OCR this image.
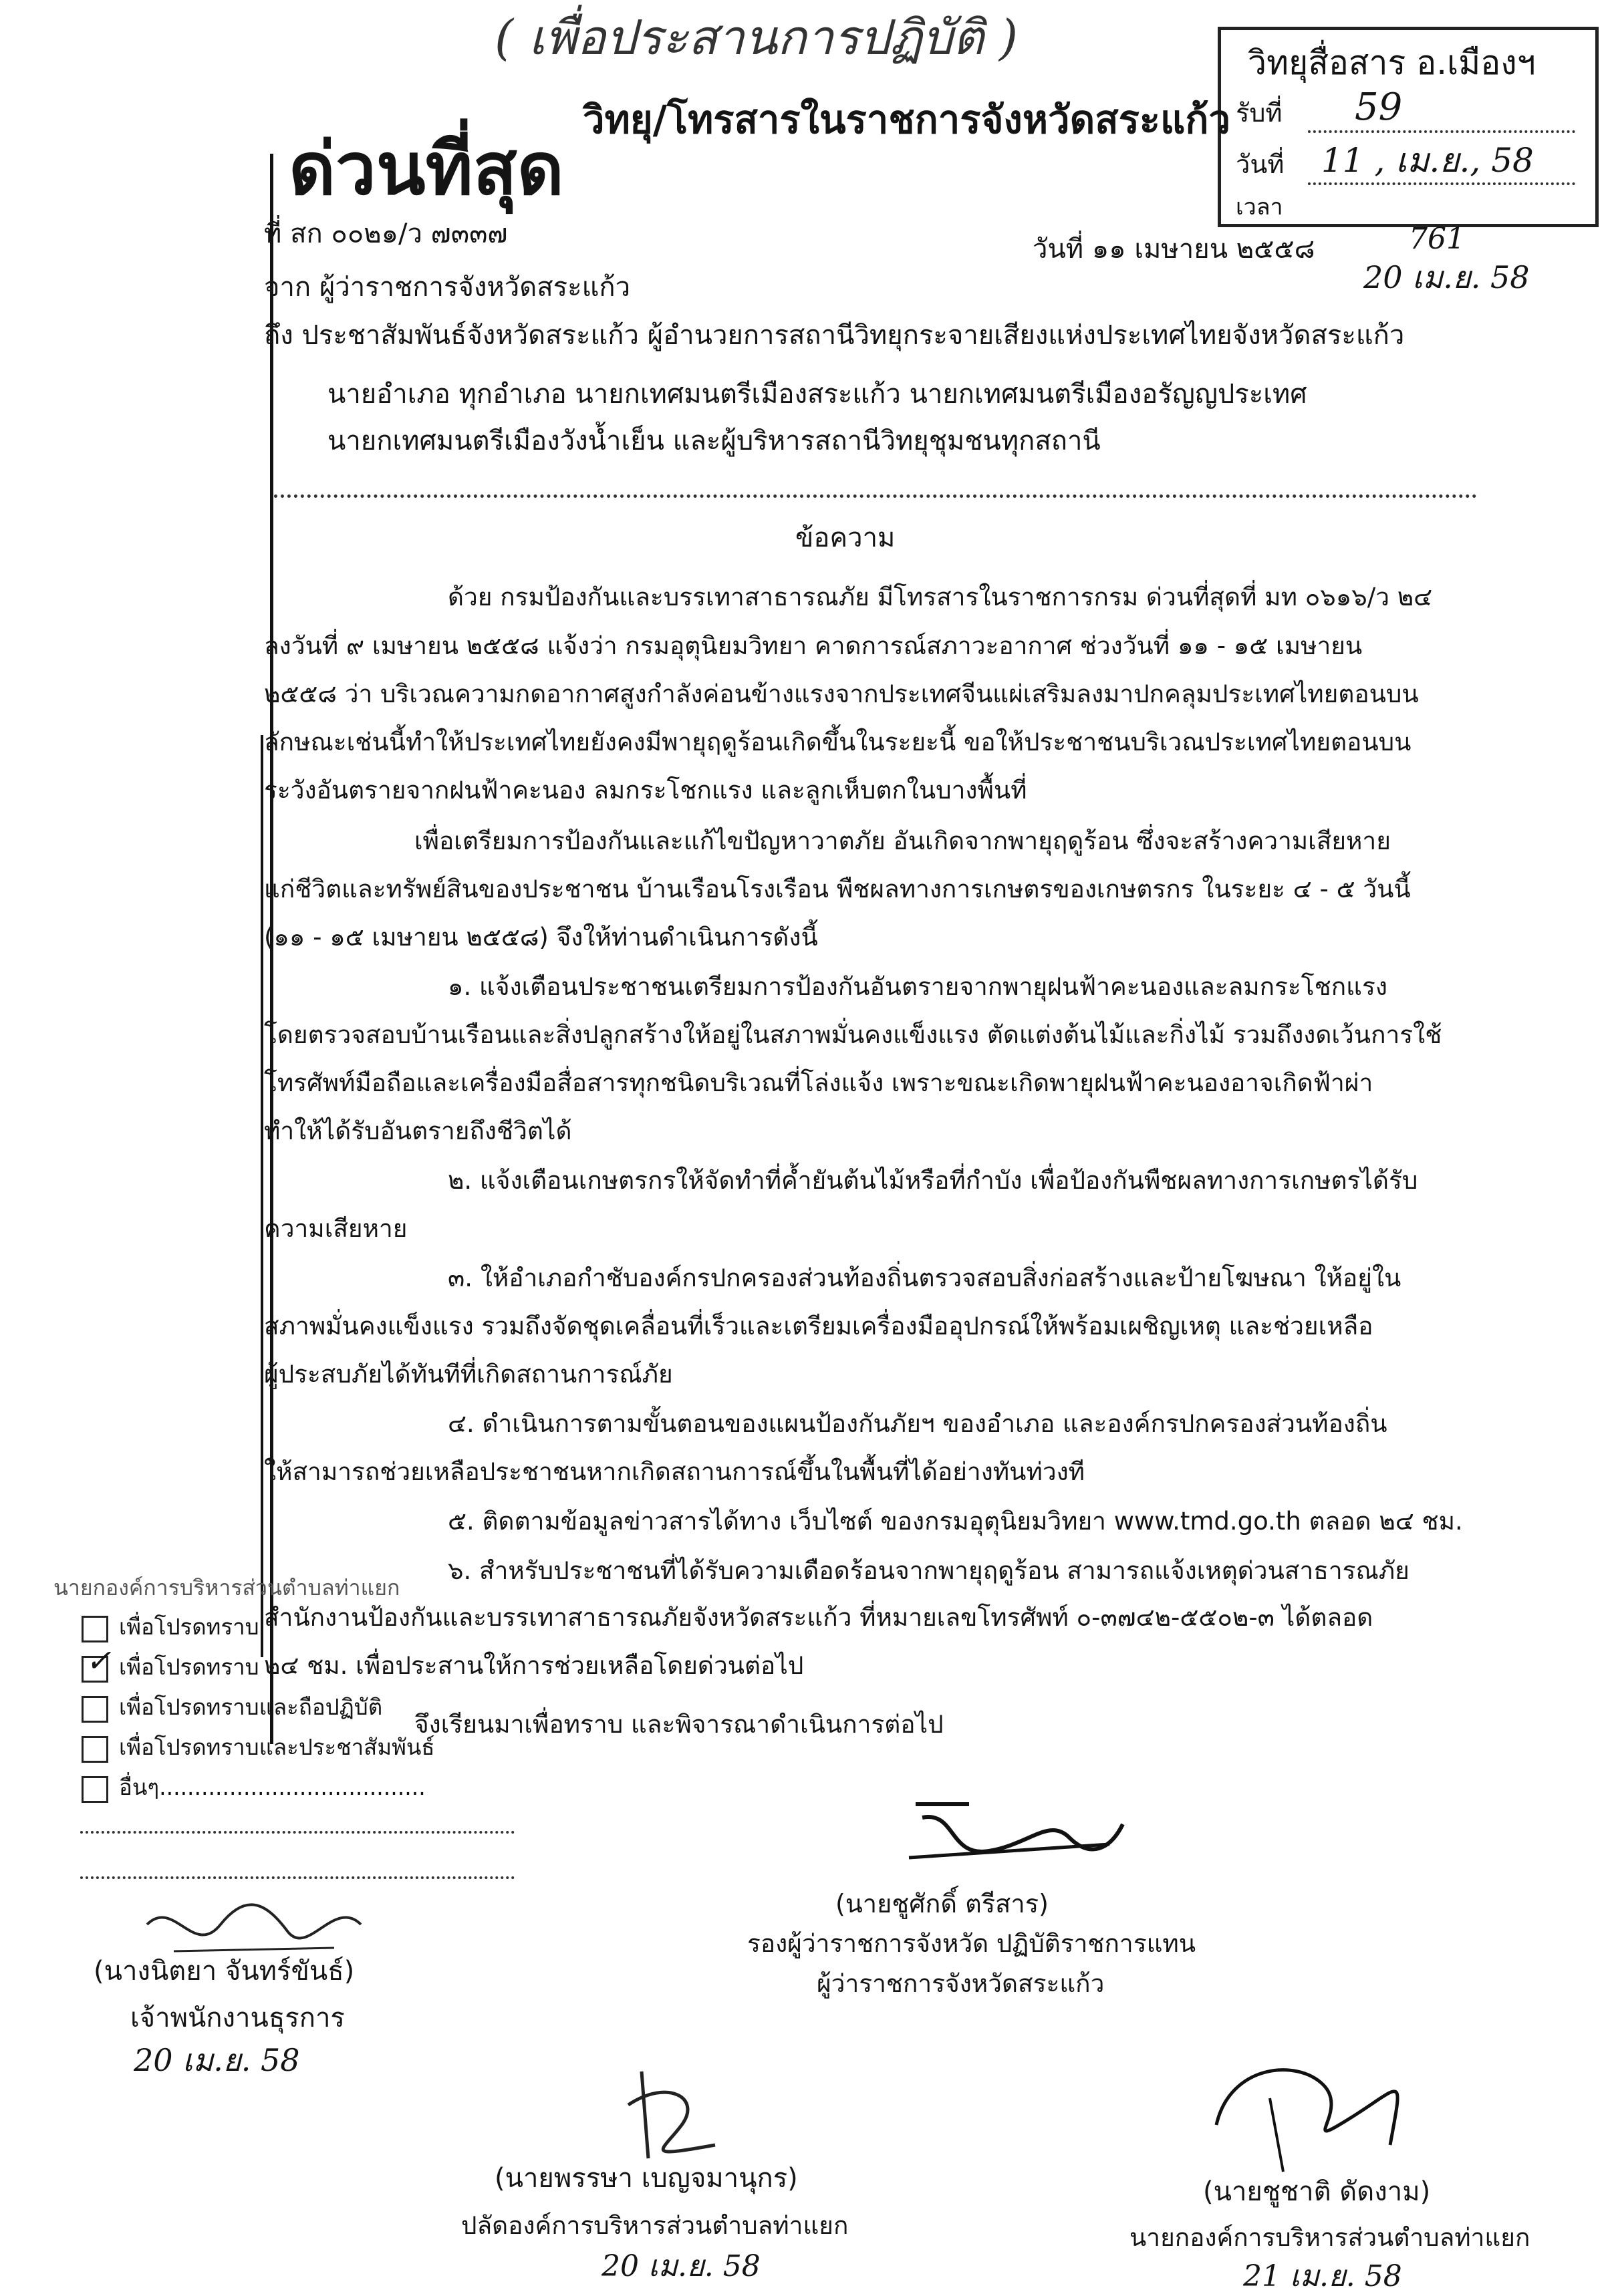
( เพื่อประสานการปฏิบัติ )	วิทยุสื่อสาร อ.เมืองฯ
รับที่ 59
วันที่ 11 , เม.ย., 58
เวลา
วิทยุ/โทรสารในราชการจังหวัดสระแก้ว
ด่วนที่สุด
ที่ สก ๐๐๒๑/ว ๗๓๓๗	วันที่ ๑๑ เมษายน ๒๕๕๘	761
20 เม.ย. 58
จาก ผู้ว่าราชการจังหวัดสระแก้ว
ถึง ประชาสัมพันธ์จังหวัดสระแก้ว ผู้อำนวยการสถานีวิทยุกระจายเสียงแห่งประเทศไทยจังหวัดสระแก้ว
นายอำเภอ ทุกอำเภอ นายกเทศมนตรีเมืองสระแก้ว นายกเทศมนตรีเมืองอรัญญประเทศ
นายกเทศมนตรีเมืองวังน้ำเย็น และผู้บริหารสถานีวิทยุชุมชนทุกสถานี
ข้อความ
ด้วย กรมป้องกันและบรรเทาสาธารณภัย มีโทรสารในราชการกรม ด่วนที่สุดที่ มท ๐๖๑๖/ว ๒๔
ลงวันที่ ๙ เมษายน ๒๕๕๘ แจ้งว่า กรมอุตุนิยมวิทยา คาดการณ์สภาวะอากาศ ช่วงวันที่ ๑๑ - ๑๕ เมษายน
๒๕๕๘ ว่า บริเวณความกดอากาศสูงกำลังค่อนข้างแรงจากประเทศจีนแผ่เสริมลงมาปกคลุมประเทศไทยตอนบน
ลักษณะเช่นนี้ทำให้ประเทศไทยยังคงมีพายุฤดูร้อนเกิดขึ้นในระยะนี้ ขอให้ประชาชนบริเวณประเทศไทยตอนบน
ระวังอันตรายจากฝนฟ้าคะนอง ลมกระโชกแรง และลูกเห็บตกในบางพื้นที่
เพื่อเตรียมการป้องกันและแก้ไขปัญหาวาตภัย อันเกิดจากพายุฤดูร้อน ซึ่งจะสร้างความเสียหาย
แก่ชีวิตและทรัพย์สินของประชาชน บ้านเรือนโรงเรือน พืชผลทางการเกษตรของเกษตรกร ในระยะ ๔ - ๕ วันนี้
(๑๑ - ๑๕ เมษายน ๒๕๕๘) จึงให้ท่านดำเนินการดังนี้
๑. แจ้งเตือนประชาชนเตรียมการป้องกันอันตรายจากพายุฝนฟ้าคะนองและลมกระโชกแรง
โดยตรวจสอบบ้านเรือนและสิ่งปลูกสร้างให้อยู่ในสภาพมั่นคงแข็งแรง ตัดแต่งต้นไม้และกิ่งไม้ รวมถึงงดเว้นการใช้
โทรศัพท์มือถือและเครื่องมือสื่อสารทุกชนิดบริเวณที่โล่งแจ้ง เพราะขณะเกิดพายุฝนฟ้าคะนองอาจเกิดฟ้าผ่า
ทำให้ได้รับอันตรายถึงชีวิตได้
๒. แจ้งเตือนเกษตรกรให้จัดทำที่ค้ำยันต้นไม้หรือที่กำบัง เพื่อป้องกันพืชผลทางการเกษตรได้รับ
ความเสียหาย
๓. ให้อำเภอกำชับองค์กรปกครองส่วนท้องถิ่นตรวจสอบสิ่งก่อสร้างและป้ายโฆษณา ให้อยู่ใน
สภาพมั่นคงแข็งแรง รวมถึงจัดชุดเคลื่อนที่เร็วและเตรียมเครื่องมืออุปกรณ์ให้พร้อมเผชิญเหตุ และช่วยเหลือ
ผู้ประสบภัยได้ทันทีที่เกิดสถานการณ์ภัย
๔. ดำเนินการตามขั้นตอนของแผนป้องกันภัยฯ ของอำเภอ และองค์กรปกครองส่วนท้องถิ่น
ให้สามารถช่วยเหลือประชาชนหากเกิดสถานการณ์ขึ้นในพื้นที่ได้อย่างทันท่วงที
๕. ติดตามข้อมูลข่าวสารได้ทาง เว็บไซต์ ของกรมอุตุนิยมวิทยา www.tmd.go.th ตลอด ๒๔ ชม.
๖. สำหรับประชาชนที่ได้รับความเดือดร้อนจากพายุฤดูร้อน สามารถแจ้งเหตุด่วนสาธารณภัย
สำนักงานป้องกันและบรรเทาสาธารณภัยจังหวัดสระแก้ว ที่หมายเลขโทรศัพท์ ๐-๓๗๔๒-๕๕๐๒-๓ ได้ตลอด
๒๔ ชม. เพื่อประสานให้การช่วยเหลือโดยด่วนต่อไป
จึงเรียนมาเพื่อทราบ และพิจารณาดำเนินการต่อไป
นายกองค์การบริหารส่วนตำบลท่าแยก
เพื่อโปรดทราบ
✓ เพื่อโปรดทราบ
เพื่อโปรดทราบและถือปฏิบัติ
เพื่อโปรดทราบและประชาสัมพันธ์
อื่นๆ......................................
(นางนิตยา จันทร์ขันธ์)
เจ้าพนักงานธุรการ
20 เม.ย. 58
(นายชูศักดิ์ ตรีสาร)
รองผู้ว่าราชการจังหวัด ปฏิบัติราชการแทน
ผู้ว่าราชการจังหวัดสระแก้ว
(นายพรรษา เบญจมานุกร)
ปลัดองค์การบริหารส่วนตำบลท่าแยก
20 เม.ย. 58
(นายชูชาติ ดัดงาม)
นายกองค์การบริหารส่วนตำบลท่าแยก
21 เม.ย. 58
